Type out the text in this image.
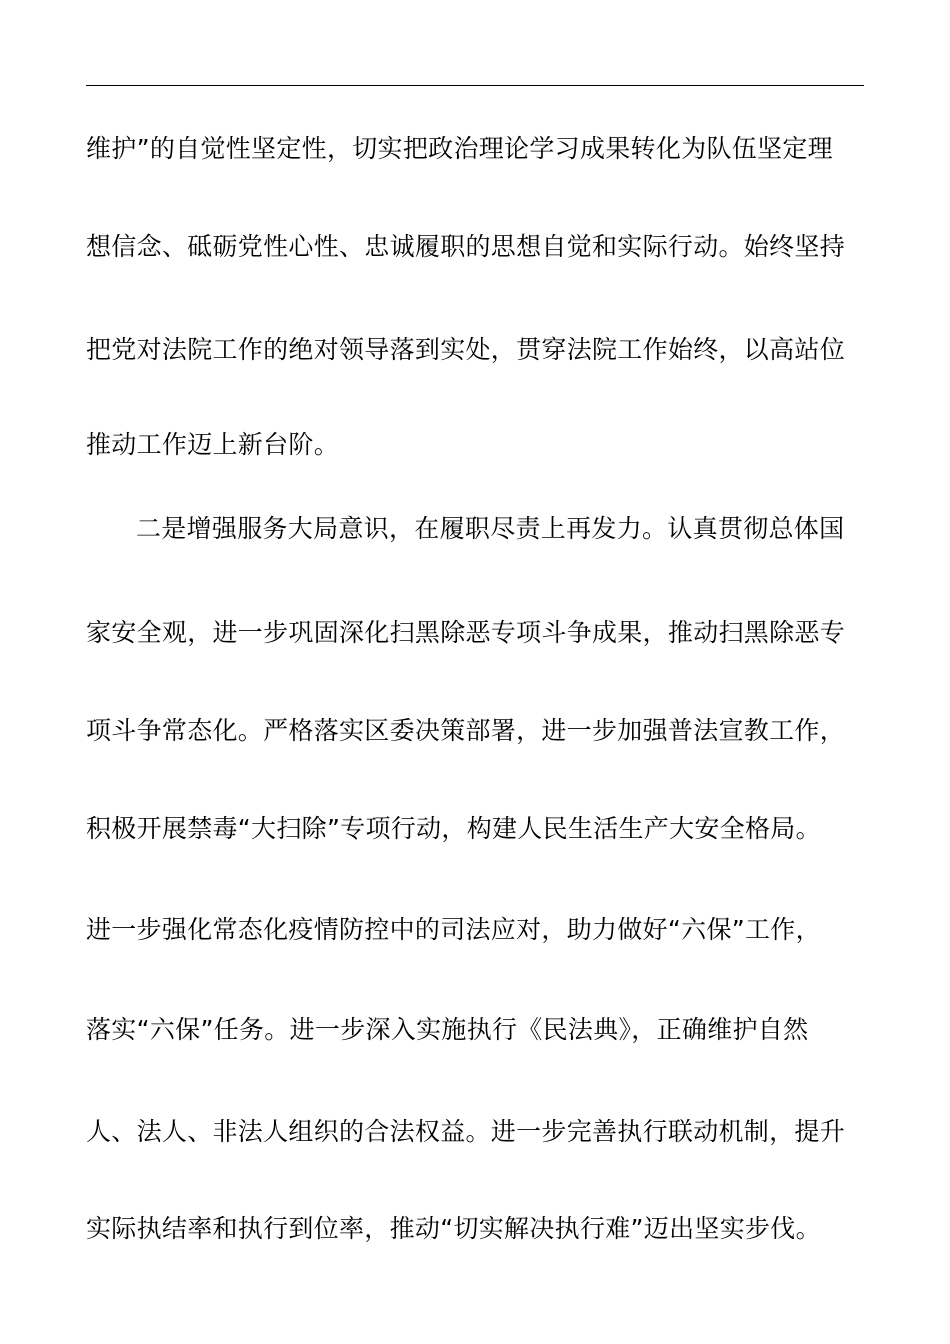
维护”的自觉性坚定性，切实把政治理论学习成果转化为队伍坚定理
想信念、砥砺党性心性、忠诚履职的思想自觉和实际行动。始终坚持
把党对法院工作的绝对领导落到实处，贯穿法院工作始终，以高站位
推动工作迈上新台阶。
二是增强服务大局意识，在履职尽责上再发力。认真贯彻总体国
家安全观，进一步巩固深化扫黑除恶专项斗争成果，推动扫黑除恶专
项斗争常态化。严格落实区委决策部署，进一步加强普法宣教工作，
积极开展禁毒“大扫除”专项行动，构建人民生活生产大安全格局。
进一步强化常态化疫情防控中的司法应对，助力做好“六保”工作，
落实“六保”任务。进一步深入实施执行《民法典》，正确维护自然
人、法人、非法人组织的合法权益。进一步完善执行联动机制，提升
实际执结率和执行到位率，推动“切实解决执行难”迈出坚实步伐。
